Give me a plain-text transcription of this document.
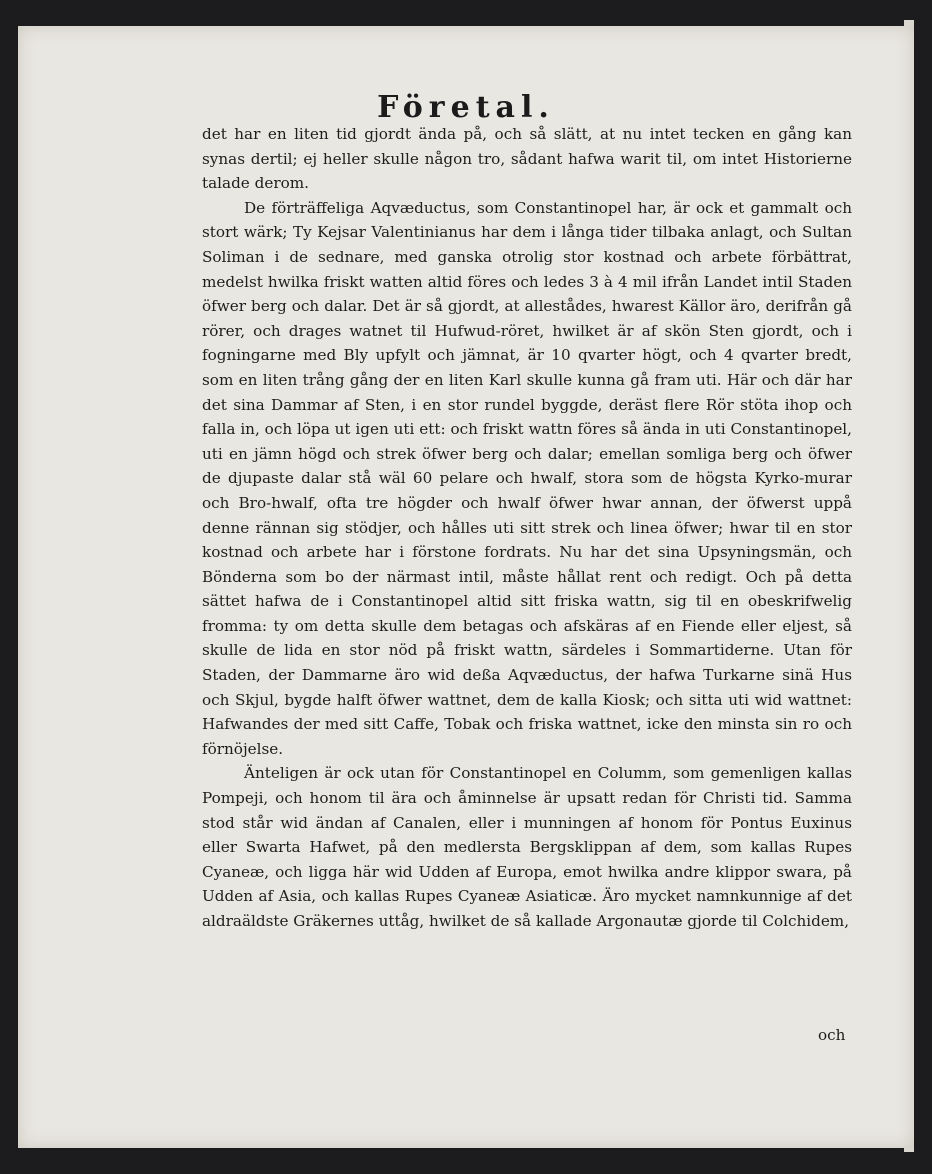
Företal.

det har en liten tid gjordt ända på, och så slätt, at nu intet tecken en gång kan synas dertil; ej heller skulle någon tro, sådant hafwa warit til, om intet Historierne talade derom.

De förträffeliga Aqvæductus, som Constantinopel har, är ock et gammalt och stort wärk; Ty Kejsar Valentinianus har dem i långa tider tilbaka anlagt, och Sultan Soliman i de sednare, med ganska otrolig stor kostnad och arbete förbättrat, medelst hwilka friskt watten altid föres och ledes 3 à 4 mil ifrån Landet intil Staden öfwer berg och dalar. Det är så gjordt, at allestådes, hwarest Källor äro, derifrån gå rörer, och drages watnet til Hufwud-röret, hwilket är af skön Sten gjordt, och i fogningarne med Bly upfylt och jämnat, är 10 qvarter högt, och 4 qvarter bredt, som en liten trång gång der en liten Karl skulle kunna gå fram uti. Här och där har det sina Dammar af Sten, i en stor rundel byggde, deräst flere Rör stöta ihop och falla in, och löpa ut igen uti ett: och friskt wattn föres så ända in uti Constantinopel, uti en jämn högd och strek öfwer berg och dalar; emellan somliga berg och öfwer de djupaste dalar stå wäl 60 pelare och hwalf, stora som de högsta Kyrko-murar och Bro-hwalf, ofta tre högder och hwalf öfwer hwar annan, der öfwerst uppå denne rännan sig stödjer, och hålles uti sitt strek och linea öfwer; hwar til en stor kostnad och arbete har i förstone fordrats. Nu har det sina Upsyningsmän, och Bönderna som bo der närmast intil, måste hållat rent och redigt. Och på detta sättet hafwa de i Constantinopel altid sitt friska wattn, sig til en obeskrifwelig fromma: ty om detta skulle dem betagas och afskäras af en Fiende eller eljest, så skulle de lida en stor nöd på friskt wattn, särdeles i Sommartiderne. Utan för Staden, der Dammarne äro wid deßa Aqvæductus, der hafwa Turkarne sinä Hus och Skjul, bygde halft öfwer wattnet, dem de kalla Kiosk; och sitta uti wid wattnet: Hafwandes der med sitt Caffe, Tobak och friska wattnet, icke den minsta sin ro och förnöjelse.

Änteligen är ock utan för Constantinopel en Columm, som gemenligen kallas Pompeji, och honom til ära och åminnelse är upsatt redan för Christi tid. Samma stod står wid ändan af Canalen, eller i munningen af honom för Pontus Euxinus eller Swarta Hafwet, på den medlersta Bergsklippan af dem, som kallas Rupes Cyaneæ, och ligga här wid Udden af Europa, emot hwilka andre klippor swara, på Udden af Asia, och kallas Rupes Cyaneæ Asiaticæ. Äro mycket namnkunnige af det aldraäldste Gräkernes uttåg, hwilket de så kallade Argonautæ gjorde til Colchidem,

och
